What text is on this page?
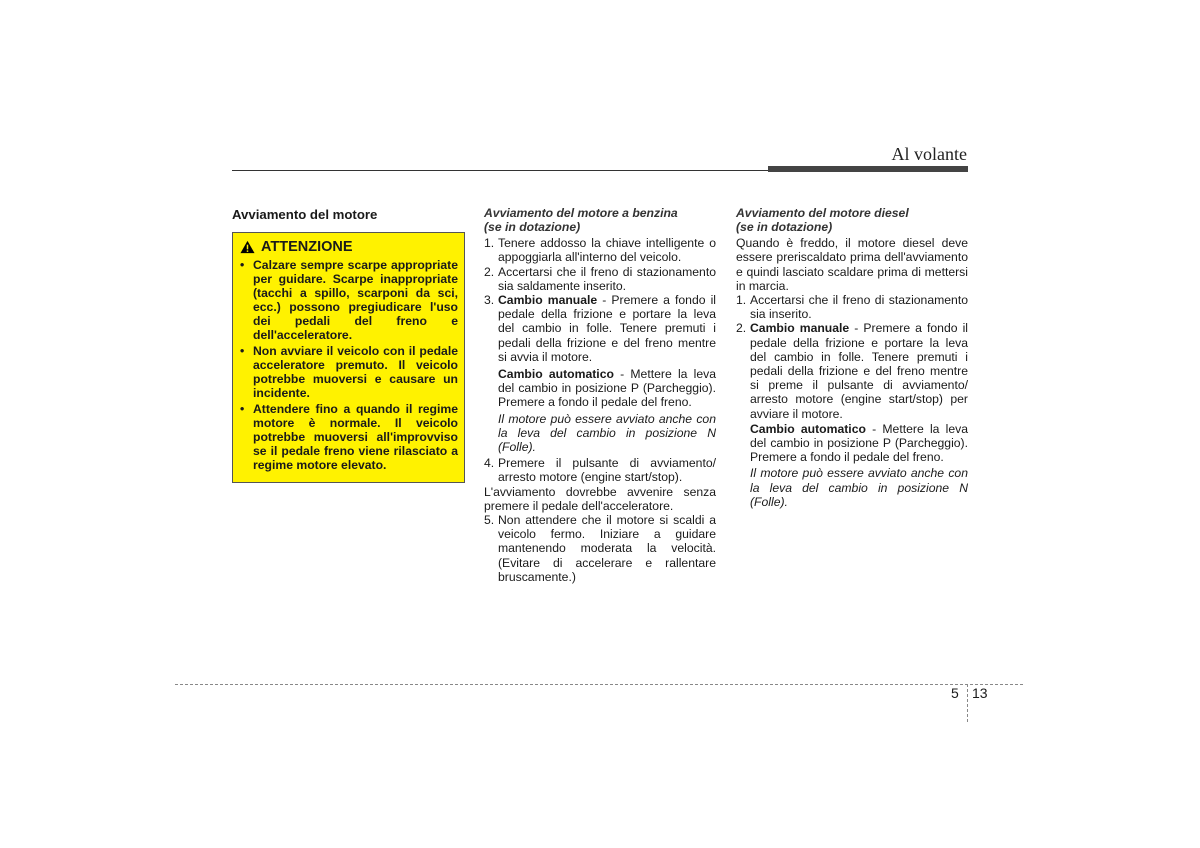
Al volante
Avviamento del motore
ATTENZIONE
• Calzare sempre scarpe appropriate per guidare. Scarpe inappropriate (tacchi a spillo, scarponi da sci, ecc.) possono pregiudicare l'uso dei pedali del freno e dell'acceleratore.
• Non avviare il veicolo con il pedale acceleratore premuto. Il veicolo potrebbe muoversi e causare un incidente.
• Attendere fino a quando il regime motore è normale. Il veicolo potrebbe muoversi all'improvviso se il pedale freno viene rilasciato a regime motore elevato.
Avviamento del motore a benzina
(se in dotazione)
1. Tenere addosso la chiave intelligente o appoggiarla all'interno del veicolo.
2. Accertarsi che il freno di stazionamento sia saldamente inserito.
3. Cambio manuale - Premere a fondo il pedale della frizione e portare la leva del cambio in folle. Tenere premuti i pedali della frizione e del freno mentre si avvia il motore.
Cambio automatico - Mettere la leva del cambio in posizione P (Parcheggio). Premere a fondo il pedale del freno.
Il motore può essere avviato anche con la leva del cambio in posizione N (Folle).
4. Premere il pulsante di avviamento/ arresto motore (engine start/stop).
L'avviamento dovrebbe avvenire senza premere il pedale dell'acceleratore.
5. Non attendere che il motore si scaldi a veicolo fermo. Iniziare a guidare mantenendo moderata la velocità. (Evitare di accelerare e rallentare bruscamente.)
Avviamento del motore diesel
(se in dotazione)
Quando è freddo, il motore diesel deve essere preriscaldato prima dell'avviamento e quindi lasciato scaldare prima di mettersi in marcia.
1. Accertarsi che il freno di stazionamento sia inserito.
2. Cambio manuale - Premere a fondo il pedale della frizione e portare la leva del cambio in folle. Tenere premuti i pedali della frizione e del freno mentre si preme il pulsante di avviamento/ arresto motore (engine start/stop) per avviare il motore.
Cambio automatico - Mettere la leva del cambio in posizione P (Parcheggio). Premere a fondo il pedale del freno.
Il motore può essere avviato anche con la leva del cambio in posizione N (Folle).
5 13
